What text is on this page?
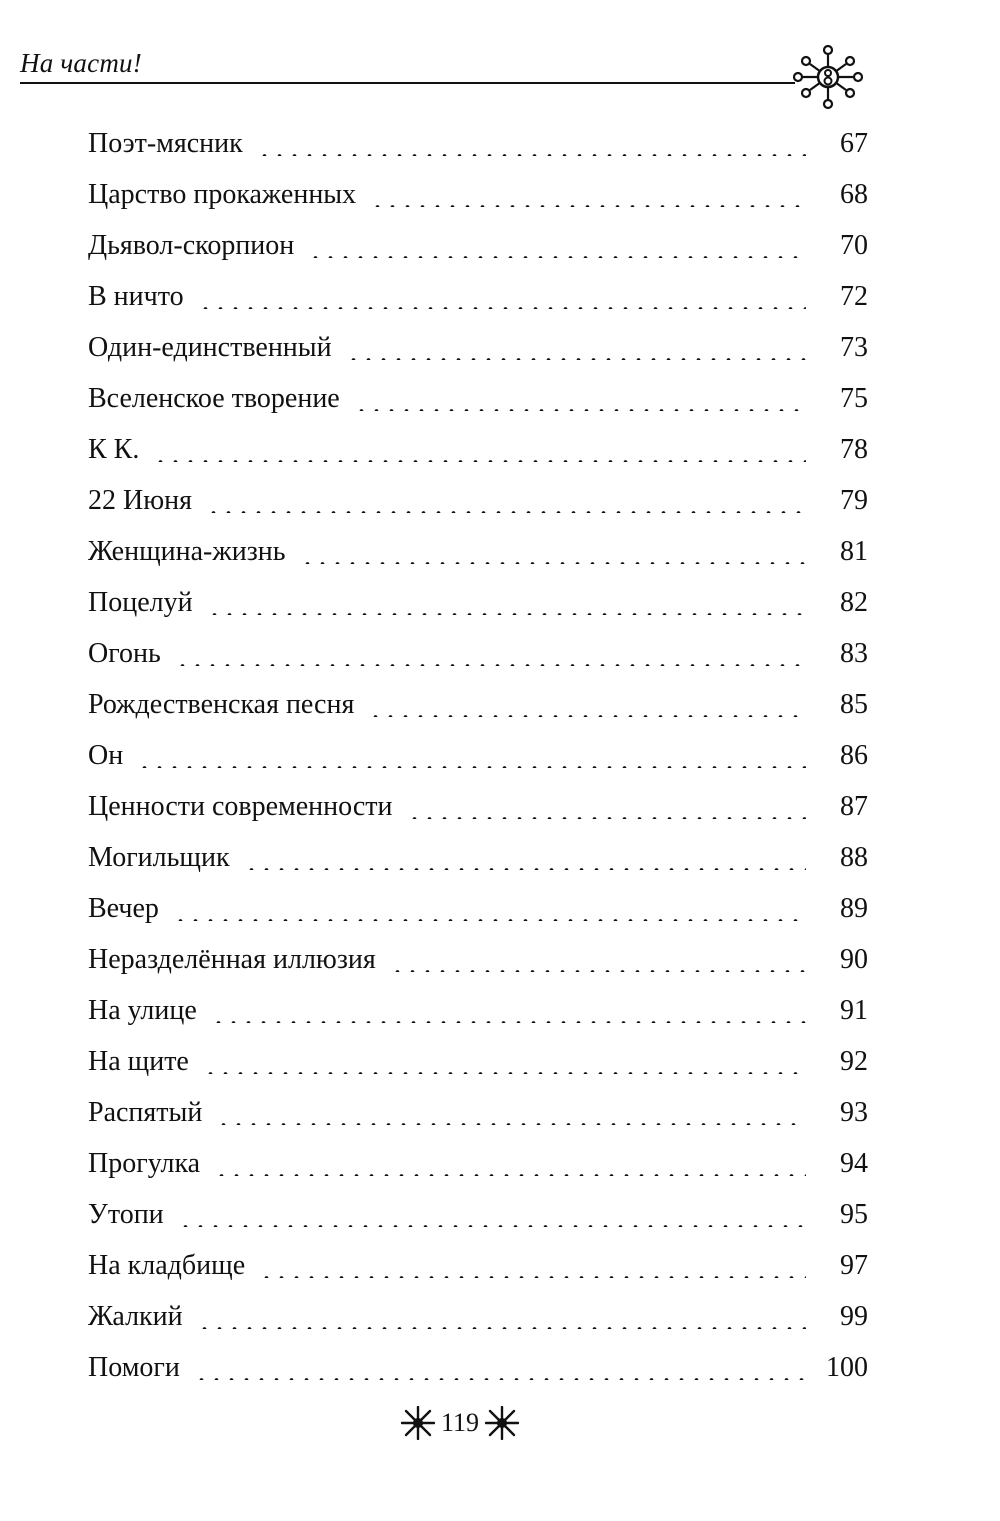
На части!
Поэт-мясник	67
Царство прокаженных	68
Дьявол-скорпион	70
В ничто	72
Один-единственный	73
Вселенское творение	75
К К.	78
22 Июня	79
Женщина-жизнь	81
Поцелуй	82
Огонь	83
Рождественская песня	85
Он	86
Ценности современности	87
Могильщик	88
Вечер	89
Неразделённая иллюзия	90
На улице	91
На щите	92
Распятый	93
Прогулка	94
Утопи	95
На кладбище	97
Жалкий	99
Помоги	100
119
